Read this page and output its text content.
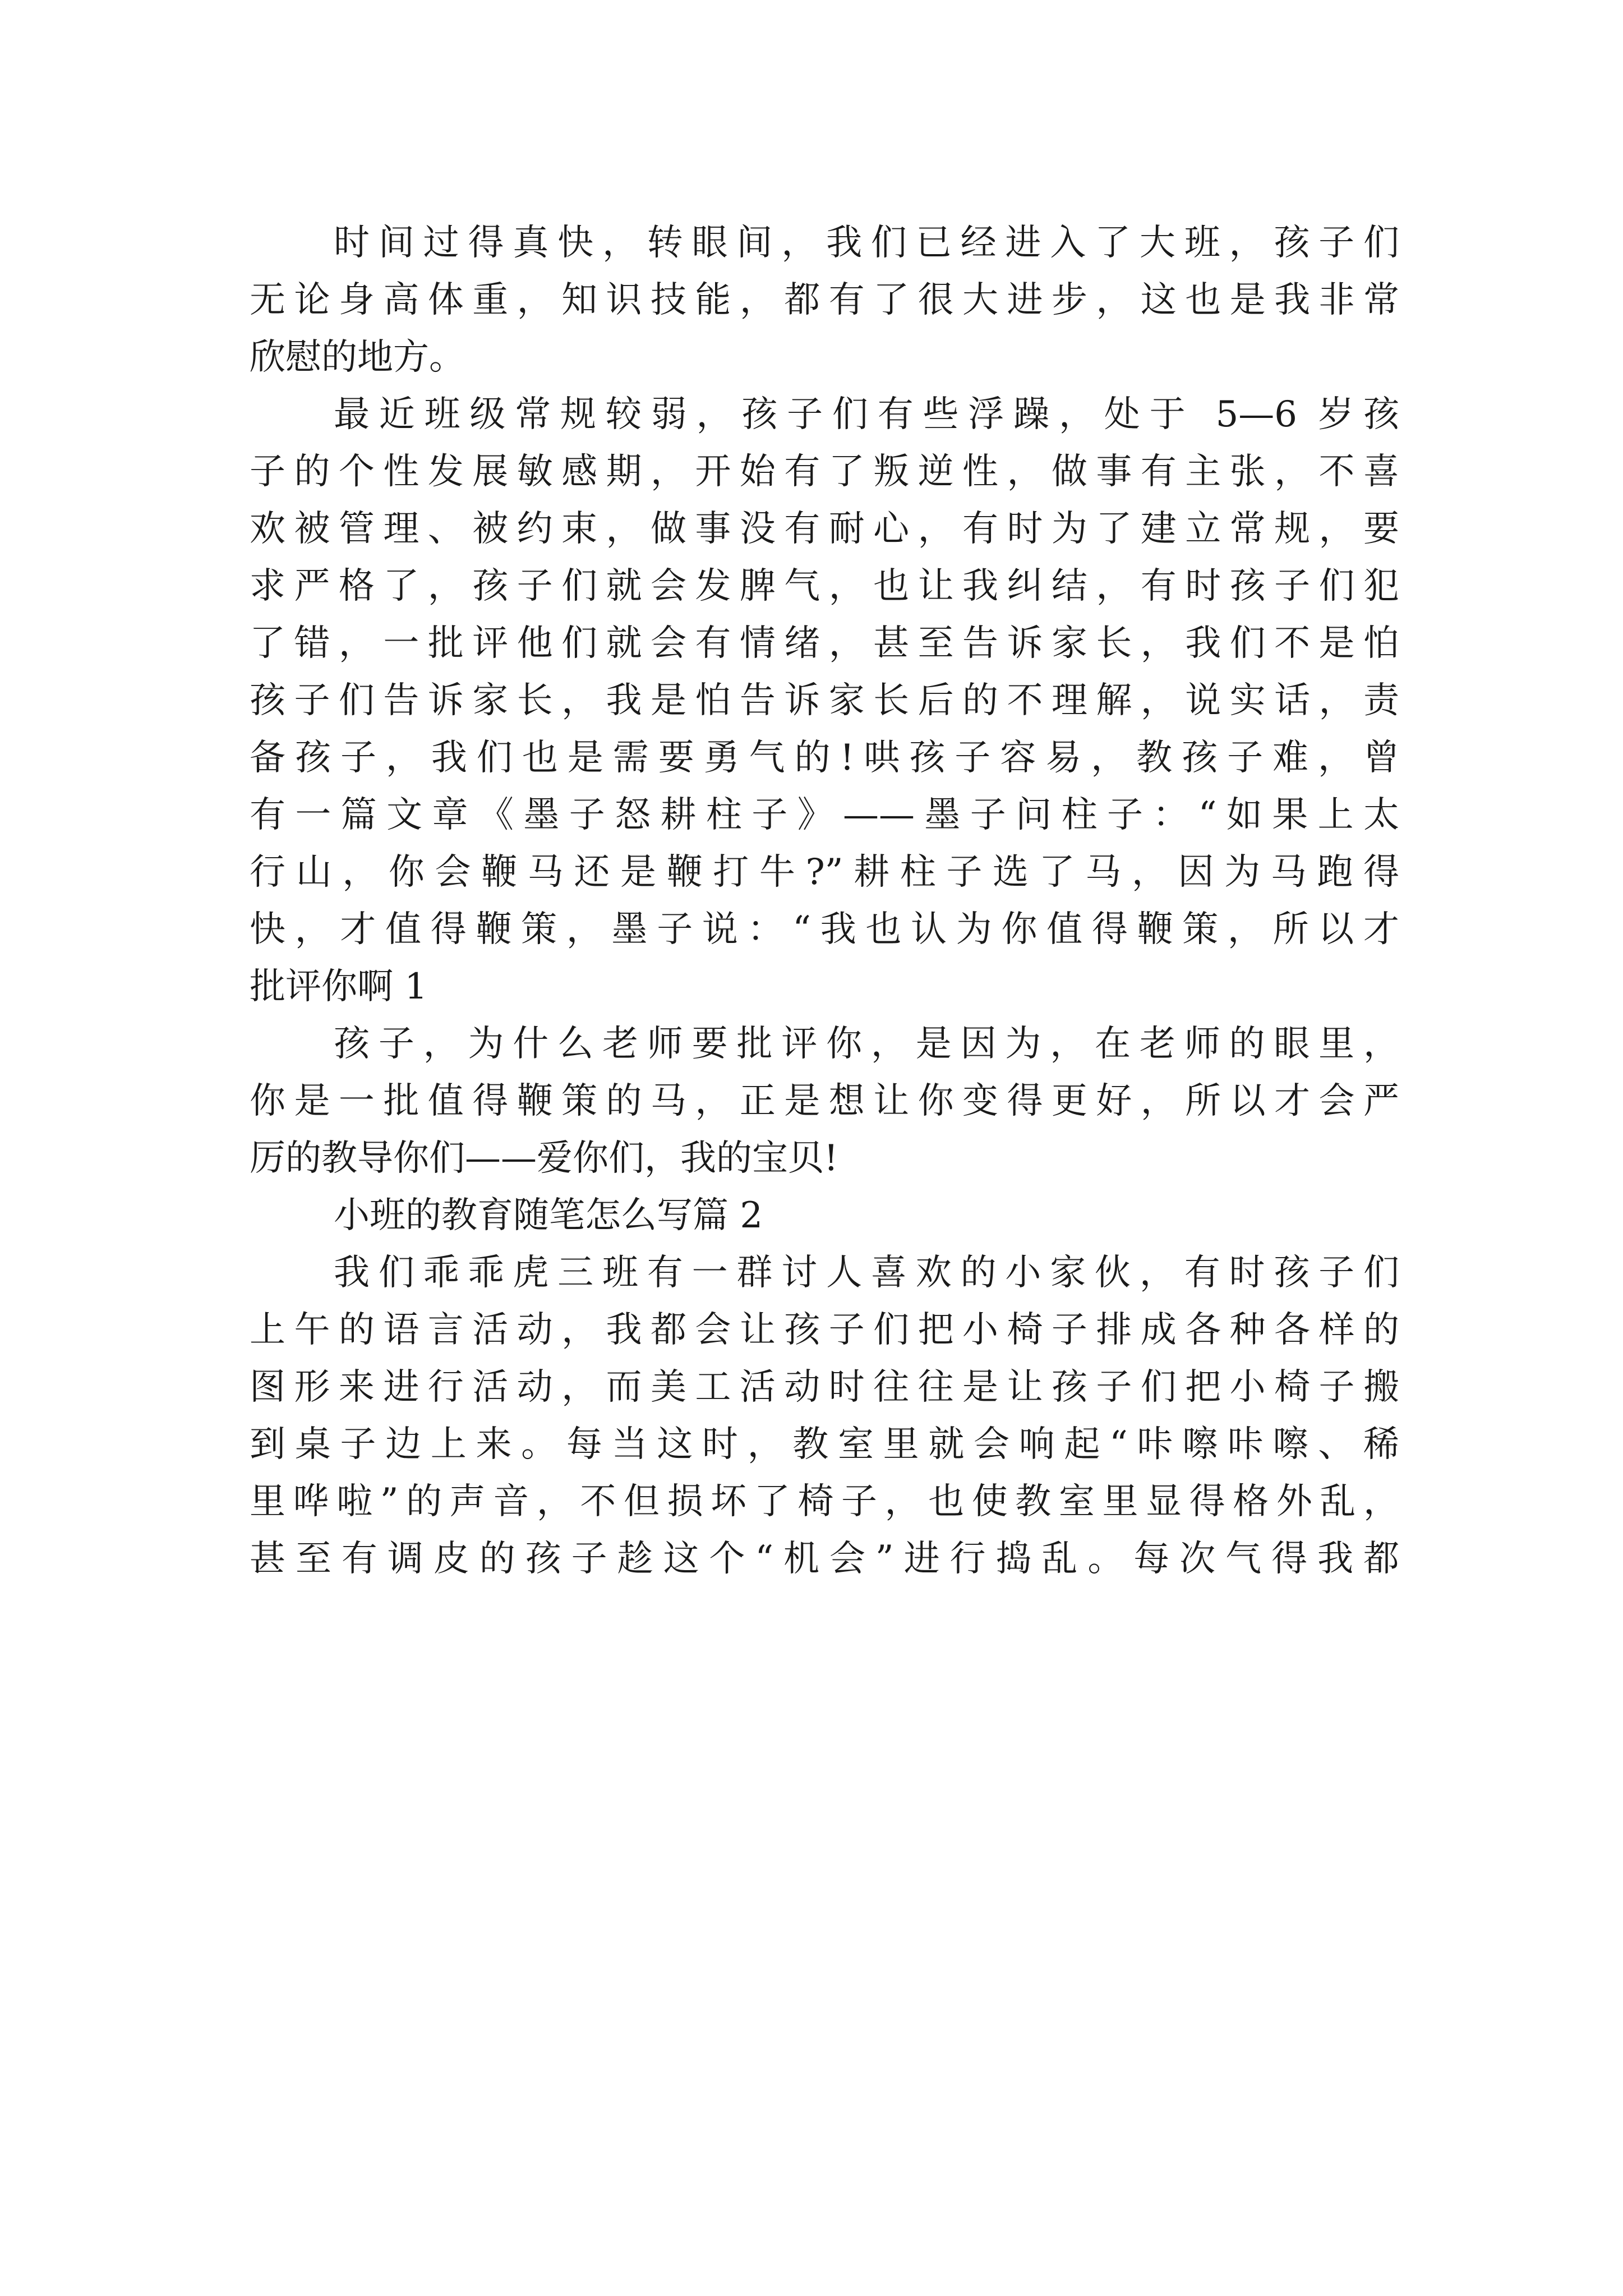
时间过得真快，转眼间，我们已经进入了大班，孩子们
无论身高体重，知识技能，都有了很大进步，这也是我非常
欣慰的地方。
最近班级常规较弱，孩子们有些浮躁，处于 5—6 岁孩
子的个性发展敏感期，开始有了叛逆性，做事有主张，不喜
欢被管理、被约束，做事没有耐心，有时为了建立常规，要
求严格了，孩子们就会发脾气，也让我纠结，有时孩子们犯
了错，一批评他们就会有情绪，甚至告诉家长，我们不是怕
孩子们告诉家长，我是怕告诉家长后的不理解，说实话，责
备孩子，我们也是需要勇气的!哄孩子容易，教孩子难，曾
有一篇文章《墨子怒耕柱子》——墨子问柱子：“如果上太
行山，你会鞭马还是鞭打牛?”耕柱子选了马，因为马跑得
快，才值得鞭策，墨子说：“我也认为你值得鞭策，所以才
批评你啊 1
孩子，为什么老师要批评你，是因为，在老师的眼里，
你是一批值得鞭策的马，正是想让你变得更好，所以才会严
厉的教导你们——爱你们，我的宝贝!
小班的教育随笔怎么写篇 2
我们乖乖虎三班有一群讨人喜欢的小家伙，有时孩子们
上午的语言活动，我都会让孩子们把小椅子排成各种各样的
图形来进行活动，而美工活动时往往是让孩子们把小椅子搬
到桌子边上来。每当这时，教室里就会响起“咔嚓咔嚓、稀
里哗啦”的声音，不但损坏了椅子，也使教室里显得格外乱，
甚至有调皮的孩子趁这个“机会”进行捣乱。每次气得我都
